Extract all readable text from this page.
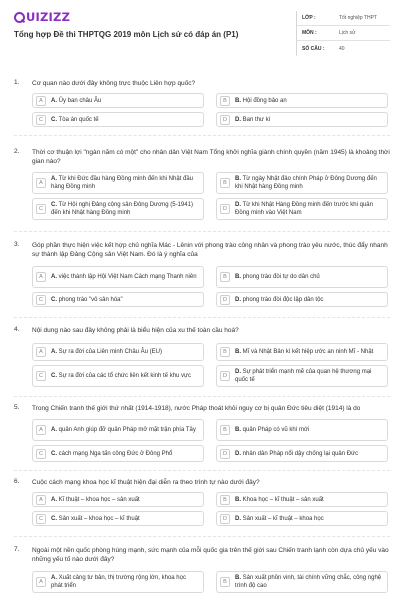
UIZIZZ
Tổng hợp Đề thi THPTQG 2019 môn Lịch sử có đáp án (P1)
LỚP :	Tốt nghiệp THPT
MÔN :	Lịch sử
SỐ CÂU :	40
1. Cơ quan nào dưới đây không trực thuộc Liên hợp quốc?
A	A. Ủy ban châu Âu	B	B. Hội đồng bảo an
C	C. Tòa án quốc tế	D	D. Ban thư kí
2. Thời cơ thuận lợi "ngàn năm có một" cho nhân dân Việt Nam Tổng khởi nghĩa giành chính quyền (năm 1945) là khoảng thời gian nào?
A
A. Từ khi Đức đầu hàng Đồng minh đến khi Nhật đầu hàng Đồng minh
B
B. Từ ngày Nhật đảo chính Pháp ở Đông Dương đến khi Nhật hàng Đồng minh
C
C. Từ Hội nghị Đảng cộng sản Đông Dương (5-1941) đến khi Nhật hàng Đồng minh
D
D. Từ khi Nhật Hàng Đồng minh đến trước khi quân Đồng minh vào Việt Nam
3. Góp phần thực hiện việc kết hợp chủ nghĩa Mác - Lênin với phong trào công nhân và phong trào yêu nước, thúc đẩy nhanh sự thành lập Đảng Cộng sản Việt Nam. Đó là ý nghĩa của
A	A. việc thành lập Hội Việt Nam Cách mạng Thanh niên	B	B. phong trào đòi tự do dân chủ
C	C. phong trào "vô sản hóa"	D	D. phong trào đòi độc lập dân tộc
4. Nội dung nào sau đây không phải là biểu hiện của xu thế toàn cầu hoá?
A	A. Sự ra đời của Liên minh Châu Âu (EU)	B	B. Mĩ và Nhật Bản kí kết hiệp ước an ninh Mĩ - Nhật
C	C. Sự ra đời của các tổ chức liên kết kinh tế khu vực	D
D. Sự phát triển mạnh mẽ của quan hệ thương mại quốc tế
5. Trong Chiến tranh thế giới thứ nhất (1914-1918), nước Pháp thoát khỏi nguy cơ bị quân Đức tiêu diệt (1914) là do
A	A. quân Anh giúp đỡ quân Pháp mở mặt trận phía Tây	B	B. quân Pháp có vũ khí mới
C	C. cách mạng Nga tấn công Đức ở Đông Phổ	D	D. nhân dân Pháp nổi dậy chống lại quân Đức
6. Cuộc cách mạng khoa học kĩ thuật hiện đại diễn ra theo trình tự nào dưới đây?
A	A. Kĩ thuật – khoa học – sản xuất	B	B. Khoa học – kĩ thuật – sản xuất
C	C. Sản xuất – khoa học – kĩ thuật	D	D. Sản xuất – kĩ thuật – khoa học
7. Ngoài một nền quốc phòng hùng mạnh, sức mạnh của mỗi quốc gia trên thế giới sau Chiến tranh lạnh còn dựa chủ yếu vào những yếu tố nào dưới đây?
A
A. Xuất cảng tư bản, thị trường rộng lớn, khoa học phát triển
B
B. Sản xuất phồn vinh, tài chính vững chắc, công nghệ trình độ cao
